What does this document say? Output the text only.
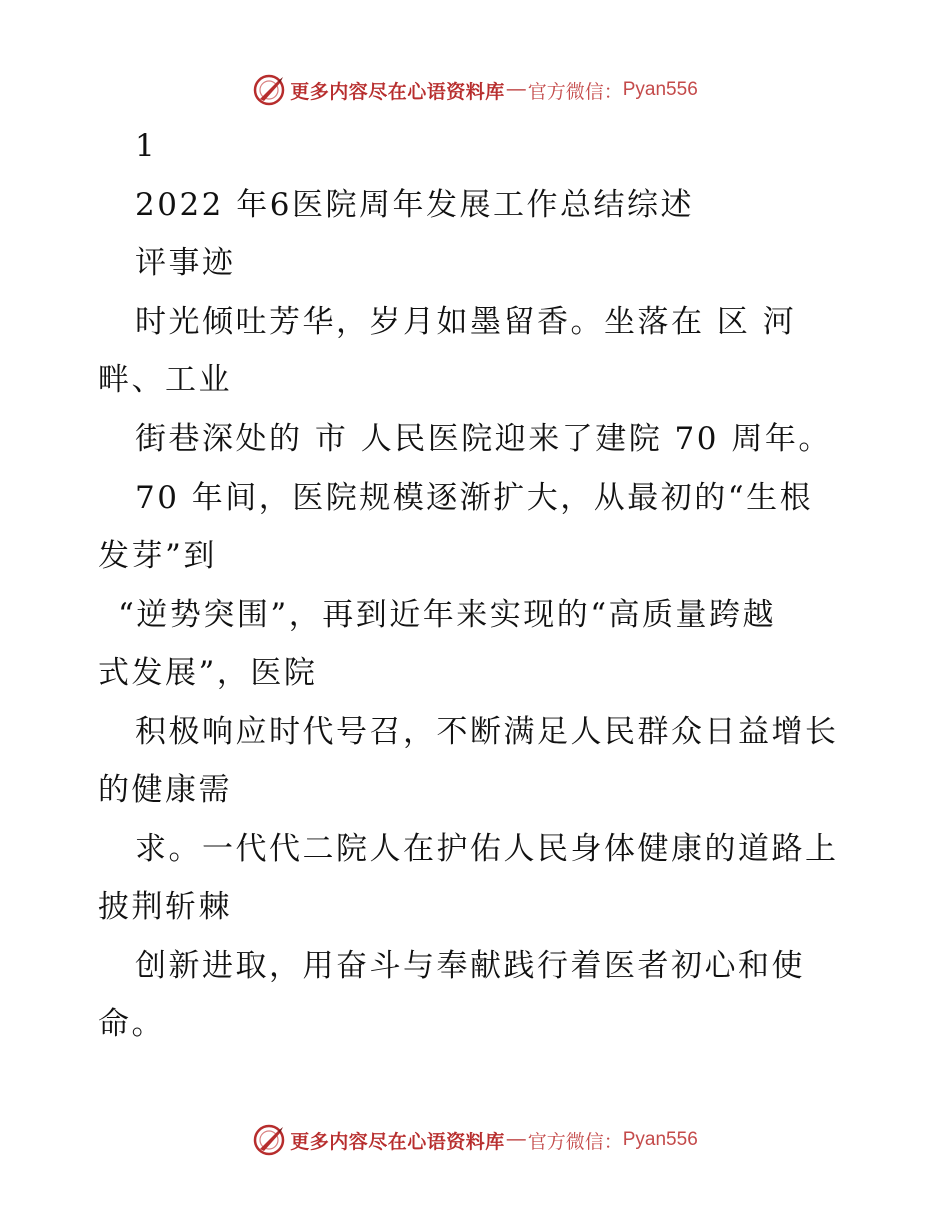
更多内容尽在心语资料库 — 官方微信： Pyan556
1
2022 年6医院周年发展工作总结综述
评事迹
时光倾吐芳华，岁月如墨留香。坐落在 区 河
畔、工业
街巷深处的 市 人民医院迎来了建院 70 周年。
70 年间，医院规模逐渐扩大，从最初的“生根
发芽”到
“逆势突围”，再到近年来实现的“高质量跨越
式发展”，医院
积极响应时代号召，不断满足人民群众日益增长
的健康需
求。一代代二院人在护佑人民身体健康的道路上
披荆斩棘
创新进取，用奋斗与奉献践行着医者初心和使
命。
更多内容尽在心语资料库 — 官方微信： Pyan556
